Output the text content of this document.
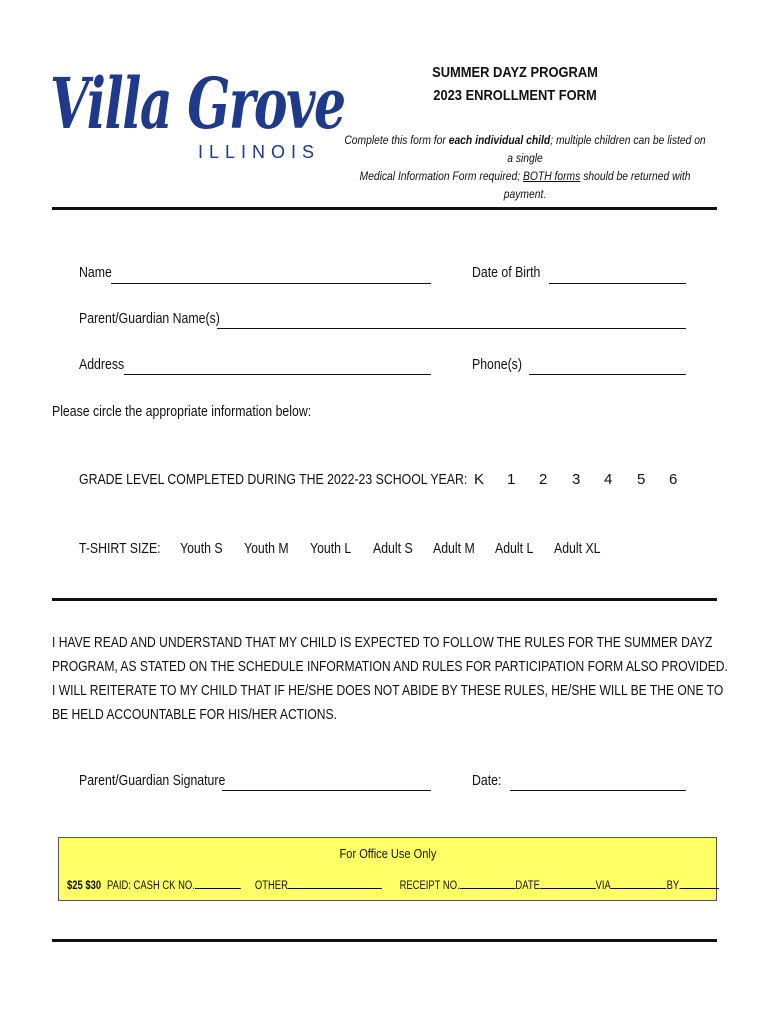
Villa Grove
ILLINOIS
SUMMER DAYZ PROGRAM
2023 ENROLLMENT FORM
Complete this form for each individual child; multiple children can be listed on a single
Medical Information Form required; BOTH forms should be returned with payment.
Name	Date of Birth
Parent/Guardian Name(s)
Address	Phone(s)
Please circle the appropriate information below:
GRADE LEVEL COMPLETED DURING THE 2022-23 SCHOOL YEAR: K 1 2 3 4 5 6
T-SHIRT SIZE: Youth S Youth M Youth L Adult S Adult M Adult L Adult XL
I HAVE READ AND UNDERSTAND THAT MY CHILD IS EXPECTED TO FOLLOW THE RULES FOR THE SUMMER DAYZ
PROGRAM, AS STATED ON THE SCHEDULE INFORMATION AND RULES FOR PARTICIPATION FORM ALSO PROVIDED.
I WILL REITERATE TO MY CHILD THAT IF HE/SHE DOES NOT ABIDE BY THESE RULES, HE/SHE WILL BE THE ONE TO
BE HELD ACCOUNTABLE FOR HIS/HER ACTIONS.
Parent/Guardian Signature	Date:
For Office Use Only
$25 $30 PAID: CASH CK NO.	OTHER	RECEIPT NO.	DATE	VIA	BY
